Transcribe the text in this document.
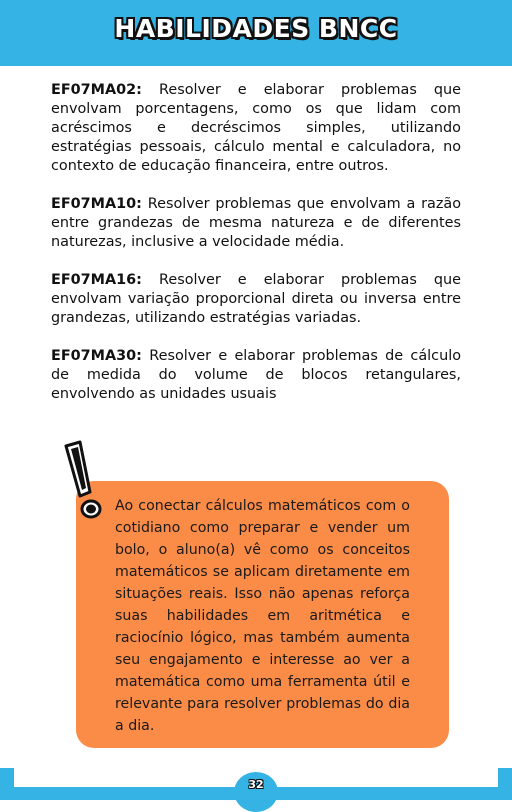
HABILIDADES BNCC

EF07MA02: Resolver e elaborar problemas que envolvam porcentagens, como os que lidam com acréscimos e decréscimos simples, utilizando estratégias pessoais, cálculo mental e calculadora, no contexto de educação financeira, entre outros.

EF07MA10: Resolver problemas que envolvam a razão entre grandezas de mesma natureza e de diferentes naturezas, inclusive a velocidade média.

EF07MA16: Resolver e elaborar problemas que envolvam variação proporcional direta ou inversa entre grandezas, utilizando estratégias variadas.

EF07MA30: Resolver e elaborar problemas de cálculo de medida do volume de blocos retangulares, envolvendo as unidades usuais

Ao conectar cálculos matemáticos com o cotidiano como preparar e vender um bolo, o aluno(a) vê como os conceitos matemáticos se aplicam diretamente em situações reais. Isso não apenas reforça suas habilidades em aritmética e raciocínio lógico, mas também aumenta seu engajamento e interesse ao ver a matemática como uma ferramenta útil e relevante para resolver problemas do dia a dia.
32
